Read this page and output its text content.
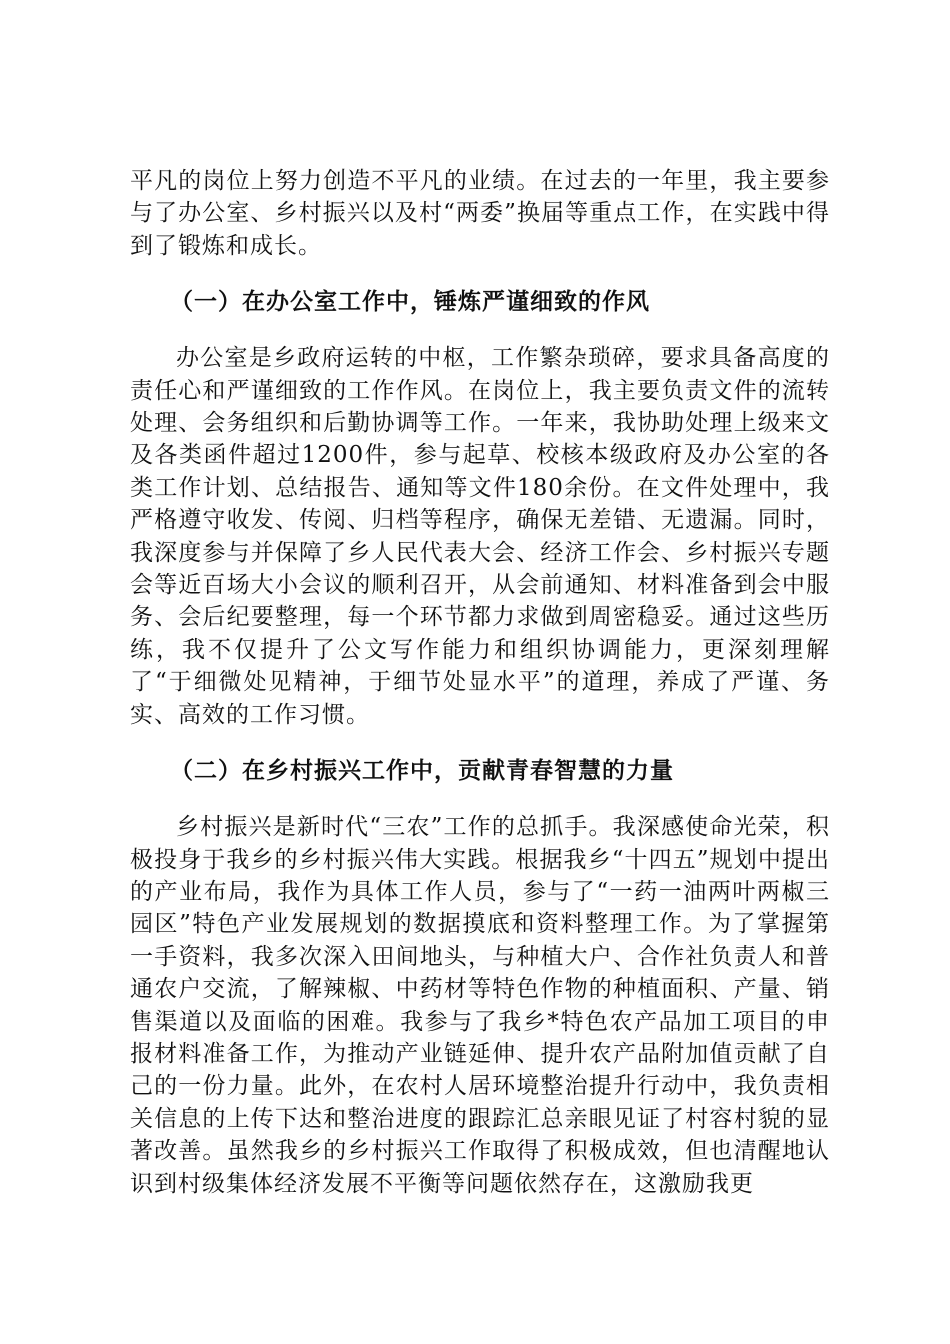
平凡的岗位上努力创造不平凡的业绩。在过去的一年里，我主要参与了办公室、乡村振兴以及村“两委”换届等重点工作，在实践中得到了锻炼和成长。

（一）在办公室工作中，锤炼严谨细致的作风

办公室是乡政府运转的中枢，工作繁杂琐碎，要求具备高度的责任心和严谨细致的工作作风。在岗位上，我主要负责文件的流转处理、会务组织和后勤协调等工作。一年来，我协助处理上级来文及各类函件超过1200件，参与起草、校核本级政府及办公室的各类工作计划、总结报告、通知等文件180余份。在文件处理中，我严格遵守收发、传阅、归档等程序，确保无差错、无遗漏。同时，我深度参与并保障了乡人民代表大会、经济工作会、乡村振兴专题会等近百场大小会议的顺利召开，从会前通知、材料准备到会中服务、会后纪要整理，每一个环节都力求做到周密稳妥。通过这些历练，我不仅提升了公文写作能力和组织协调能力，更深刻理解了“于细微处见精神，于细节处显水平”的道理，养成了严谨、务实、高效的工作习惯。

（二）在乡村振兴工作中，贡献青春智慧的力量

乡村振兴是新时代“三农”工作的总抓手。我深感使命光荣，积极投身于我乡的乡村振兴伟大实践。根据我乡“十四五”规划中提出的产业布局，我作为具体工作人员，参与了“一药一油两叶两椒三园区”特色产业发展规划的数据摸底和资料整理工作。为了掌握第一手资料，我多次深入田间地头，与种植大户、合作社负责人和普通农户交流，了解辣椒、中药材等特色作物的种植面积、产量、销售渠道以及面临的困难。我参与了我乡*特色农产品加工项目的申报材料准备工作，为推动产业链延伸、提升农产品附加值贡献了自己的一份力量。此外，在农村人居环境整治提升行动中，我负责相关信息的上传下达和整治进度的跟踪汇总亲眼见证了村容村貌的显著改善。虽然我乡的乡村振兴工作取得了积极成效，但也清醒地认识到村级集体经济发展不平衡等问题依然存在，这激励我更
